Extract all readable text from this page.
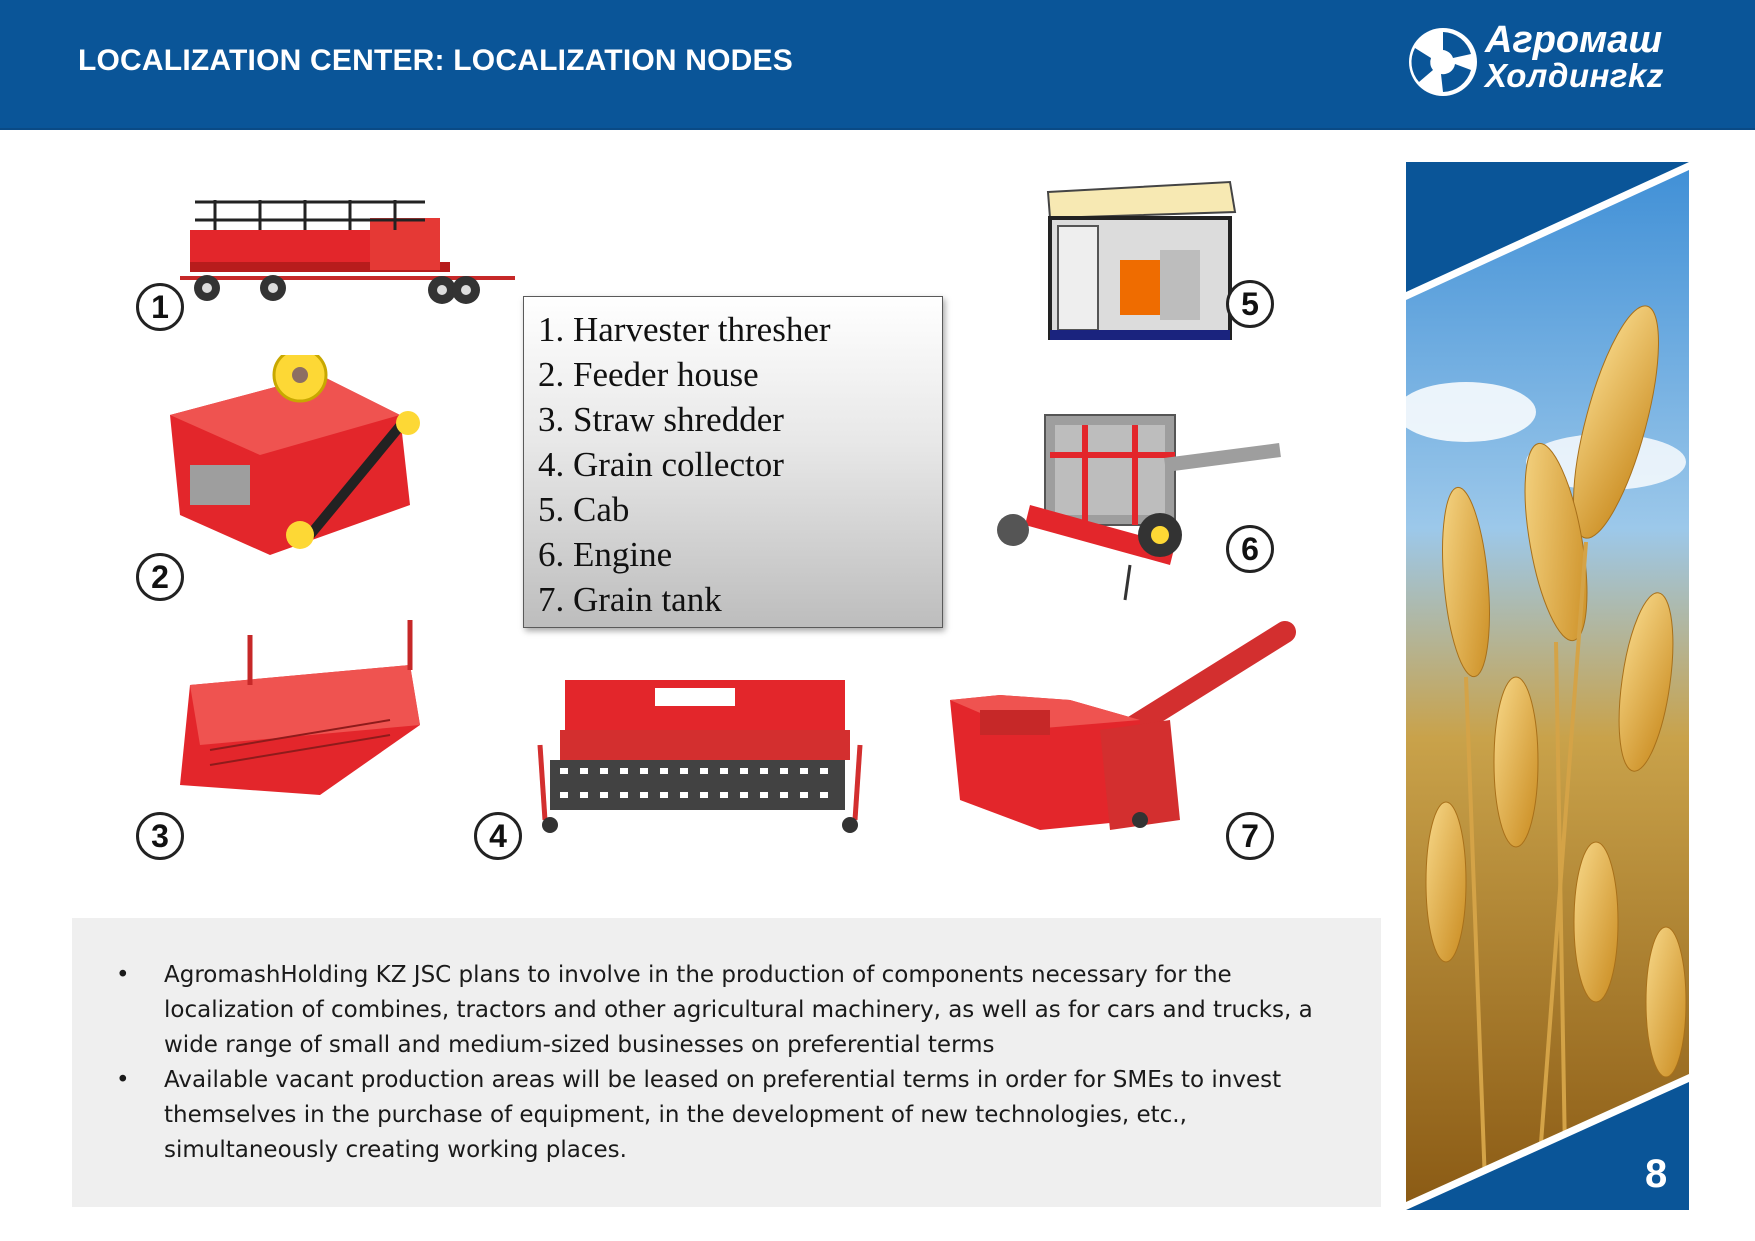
LOCALIZATION CENTER: LOCALIZATION NODES	Агромаш
Холдингkz
1
2
3	4
5
6
7
1. Harvester thresher
2. Feeder house
3. Straw shredder
4. Grain collector
5. Cab
6. Engine
7. Grain tank
• AgromashHolding KZ JSC plans to involve in the production of components necessary for the localization of combines, tractors and other agricultural machinery, as well as for cars and trucks, a wide range of small and medium-sized businesses on preferential terms
• Available vacant production areas will be leased on preferential terms in order for SMEs to invest themselves in the purchase of equipment, in the development of new technologies, etc., simultaneously creating working places.
8
